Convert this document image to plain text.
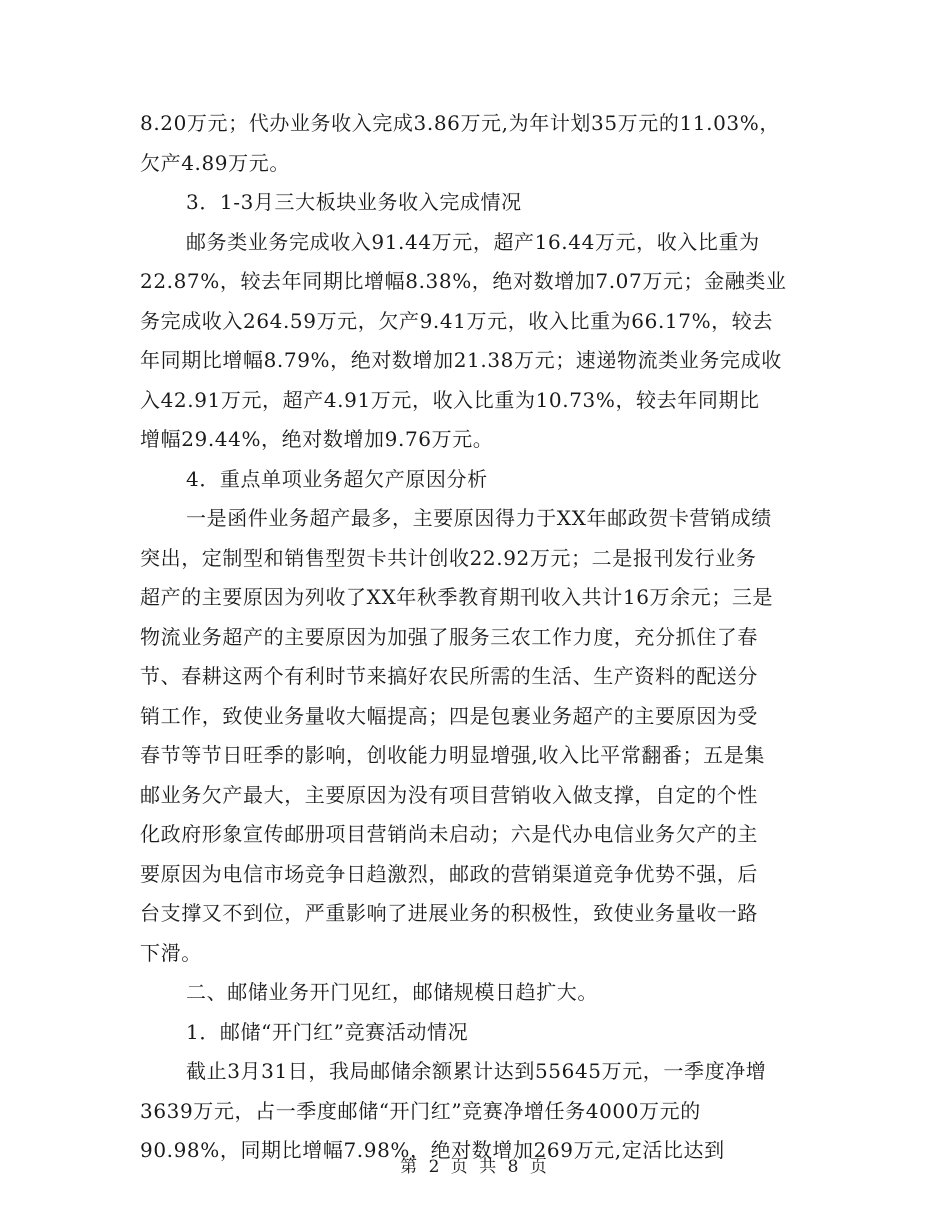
8.20万元；代办业务收入完成3.86万元,为年计划35万元的11.03%，
欠产4.89万元。
3．1-3月三大板块业务收入完成情况
邮务类业务完成收入91.44万元，超产16.44万元，收入比重为
22.87%，较去年同期比增幅8.38%，绝对数增加7.07万元；金融类业
务完成收入264.59万元，欠产9.41万元，收入比重为66.17%，较去
年同期比增幅8.79%，绝对数增加21.38万元；速递物流类业务完成收
入42.91万元，超产4.91万元，收入比重为10.73%，较去年同期比
增幅29.44%，绝对数增加9.76万元。
4．重点单项业务超欠产原因分析
一是函件业务超产最多，主要原因得力于XX年邮政贺卡营销成绩
突出，定制型和销售型贺卡共计创收22.92万元；二是报刊发行业务
超产的主要原因为列收了XX年秋季教育期刊收入共计16万余元；三是
物流业务超产的主要原因为加强了服务三农工作力度，充分抓住了春
节、春耕这两个有利时节来搞好农民所需的生活、生产资料的配送分
销工作，致使业务量收大幅提高；四是包裹业务超产的主要原因为受
春节等节日旺季的影响，创收能力明显增强,收入比平常翻番；五是集
邮业务欠产最大，主要原因为没有项目营销收入做支撑，自定的个性
化政府形象宣传邮册项目营销尚未启动；六是代办电信业务欠产的主
要原因为电信市场竞争日趋激烈，邮政的营销渠道竞争优势不强，后
台支撑又不到位，严重影响了进展业务的积极性，致使业务量收一路
下滑。
二、邮储业务开门见红，邮储规模日趋扩大。
1．邮储“开门红”竞赛活动情况
截止3月31日，我局邮储余额累计达到55645万元，一季度净增
3639万元，占一季度邮储“开门红”竞赛净增任务4000万元的
90.98%，同期比增幅7.98%，绝对数增加269万元,定活比达到
第 2 页 共 8 页
